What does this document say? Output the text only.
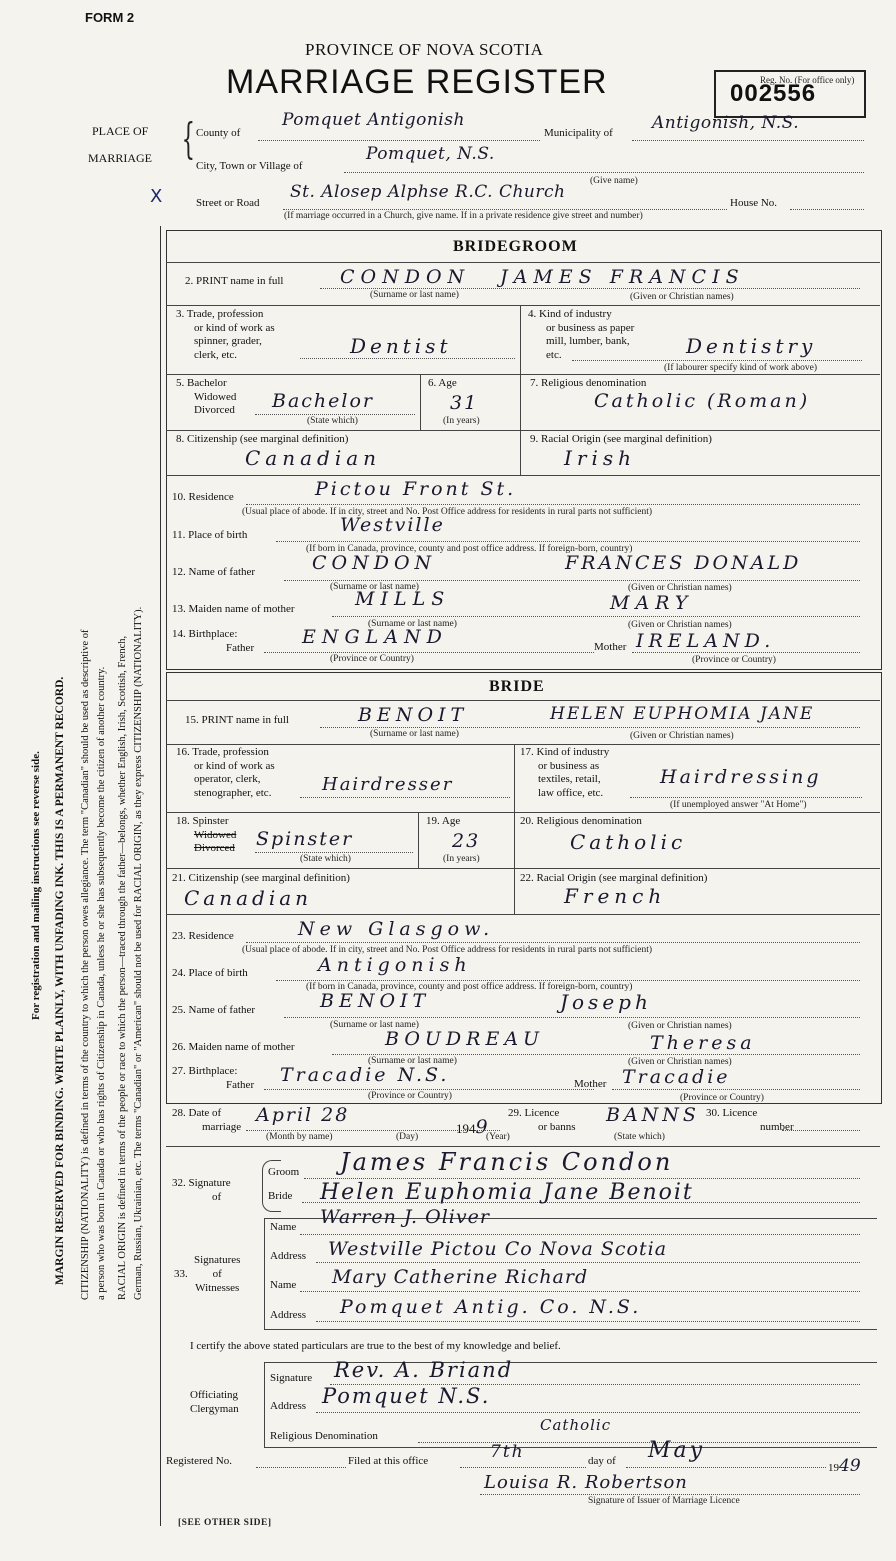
For registration and mailing instructions see reverse side. MARGIN RESERVED FOR BINDING. WRITE PLAINLY, WITH UNFADING INK. THIS IS A PERMANENT RECORD. CITIZENSHIP (NATIONALITY) is defined in terms of the country to which the person owes allegiance. The term "Canadian" should be used as descriptive of a person who was born in Canada or who has rights of Citizenship in Canada, unless he or she has subsequently become the citizen of another country. RACIAL ORIGIN is defined in terms of the people or race to which the person—traced through the father—belongs, whether English, Irish, Scottish, French, German, Russian, Ukrainian, etc. The terms "Canadian" or "American" should not be used for RACIAL ORIGIN, as they express CITIZENSHIP (NATIONALITY).
FORM 2
PROVINCE OF NOVA SCOTIA
MARRIAGE REGISTER	Reg. No. (For office only)
002556
PLACE OF
MARRIAGE { County of
Pomquet Antigonish
Municipality of Antigonish, N.S.
City, Town or Village of
Pomquet, N.S.
(Give name)
X	Street or Road
St. Alosep Alphse R.C. Church
House No.
(If marriage occurred in a Church, give name. If in a private residence give street and number)
BRIDEGROOM
2. PRINT name in full	CONDON JAMES FRANCIS
(Surname or last name)	(Given or Christian names)
3. Trade, profession
or kind of work as
spinner, grader,
clerk, etc.	Dentist
4. Kind of industry
or business as paper
mill, lumber, bank,
etc.	Dentistry
(If labourer specify kind of work above)
5. Bachelor
Widowed
Divorced Bachelor
(State which)
6. Age
31
(In years)
7. Religious denomination
Catholic (Roman)
8. Citizenship (see marginal definition)
Canadian
9. Racial Origin (see marginal definition)
Irish
10. Residence	Pictou Front St.
(Usual place of abode. If in city, street and No. Post Office address for residents in rural parts not sufficient)
11. Place of birth	Westville
(If born in Canada, province, county and post office address. If foreign-born, country)
12. Name of father	CONDON	FRANCES DONALD
(Surname or last name)	(Given or Christian names)
13. Maiden name of mother	MILLS	MARY
(Surname or last name)	(Given or Christian names)
14. Birthplace:
Father	ENGLAND	Mother IRELAND.
(Province or Country)	(Province or Country)
BRIDE
15. PRINT name in full	BENOIT	HELEN EUPHOMIA JANE
(Surname or last name)	(Given or Christian names)
16. Trade, profession
or kind of work as
operator, clerk,
stenographer, etc.	Hairdresser
17. Kind of industry
or business as
textiles, retail,
law office, etc.
Hairdressing
(If unemployed answer "At Home")
18. Spinster
Widowed
Divorced Spinster
(State which)
19. Age
23
(In years)
20. Religious denomination
Catholic
21. Citizenship (see marginal definition)
Canadian
22. Racial Origin (see marginal definition)
French
23. Residence	New Glasgow.
(Usual place of abode. If in city, street and No. Post Office address for residents in rural parts not sufficient)
24. Place of birth	Antigonish
(If born in Canada, province, county and post office address. If foreign-born, country)
25. Name of father	BENOIT	Joseph
(Surname or last name)	(Given or Christian names)
26. Maiden name of mother	BOUDREAU	Theresa
(Surname or last name)	(Given or Christian names)
27. Birthplace:
Father Tracadie N.S.	Mother Tracadie
(Province or Country)	(Province or Country)
28. Date of
marriage
April 28
1949
(Month by name)	(Day)	(Year)
29. Licence
or banns
BANNS
(State which)
30. Licence
number
32. Signature
of
Groom James Francis Condon
Bride Helen Euphomia Jane Benoit
33.
Signatures
of
Witnesses
Name Warren J. Oliver
Address Westville Pictou Co Nova Scotia
Name Mary Catherine Richard
Address Pomquet Antig. Co. N.S.
I certify the above stated particulars are true to the best of my knowledge and belief.
Officiating
Clergyman
Signature Rev. A. Briand
Address Pomquet N.S.
Religious Denomination
Catholic
Registered No.	Filed at this office	7th	day of May
1949
Louisa R. Robertson
Signature of Issuer of Marriage Licence
[SEE OTHER SIDE]
